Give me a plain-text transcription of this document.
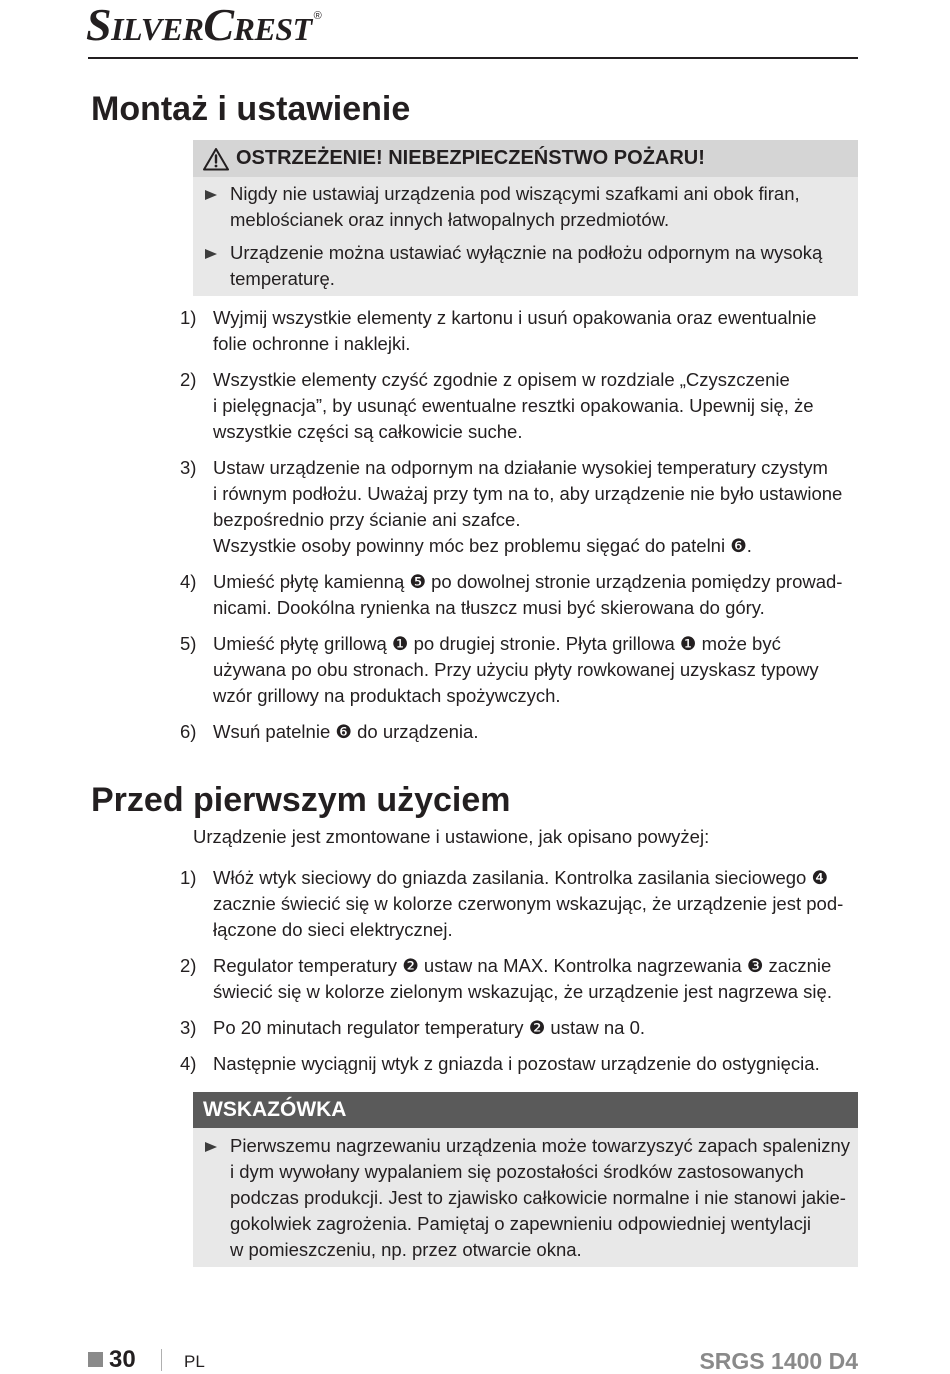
SilverCrest ®
Montaż i ustawienie
OSTRZEŻENIE! NIEBEZPIECZEŃSTWO POŻARU!
Nigdy nie ustawiaj urządzenia pod wiszącymi szafkami ani obok firan,
meblościanek oraz innych łatwopalnych przedmiotów.
Urządzenie można ustawiać wyłącznie na podłożu odpornym na wysoką
temperaturę.
1) Wyjmij wszystkie elementy z kartonu i usuń opakowania oraz ewentualnie
folie ochronne i naklejki.
2) Wszystkie elementy czyść zgodnie z opisem w rozdziale „Czyszczenie
i pielęgnacja”, by usunąć ewentualne resztki opakowania. Upewnij się, że
wszystkie części są całkowicie suche.
3) Ustaw urządzenie na odpornym na działanie wysokiej temperatury czystym
i równym podłożu. Uważaj przy tym na to, aby urządzenie nie było ustawione
bezpośrednio przy ścianie ani szafce.
Wszystkie osoby powinny móc bez problemu sięgać do patelni ❻.
4) Umieść płytę kamienną ❺ po dowolnej stronie urządzenia pomiędzy prowad-
nicami. Dookólna rynienka na tłuszcz musi być skierowana do góry.
5) Umieść płytę grillową ❶ po drugiej stronie. Płyta grillowa ❶ może być
używana po obu stronach. Przy użyciu płyty rowkowanej uzyskasz typowy
wzór grillowy na produktach spożywczych.
6) Wsuń patelnie ❻ do urządzenia.
Przed pierwszym użyciem
Urządzenie jest zmontowane i ustawione, jak opisano powyżej:
1) Włóż wtyk sieciowy do gniazda zasilania. Kontrolka zasilania sieciowego ❹
zacznie świecić się w kolorze czerwonym wskazując, że urządzenie jest pod-
łączone do sieci elektrycznej.
2) Regulator temperatury ❷ ustaw na MAX. Kontrolka nagrzewania ❸ zacznie
świecić się w kolorze zielonym wskazując, że urządzenie jest nagrzewa się.
3) Po 20 minutach regulator temperatury ❷ ustaw na 0.
4) Następnie wyciągnij wtyk z gniazda i pozostaw urządzenie do ostygnięcia.
WSKAZÓWKA
Pierwszemu nagrzewaniu urządzenia może towarzyszyć zapach spalenizny
i dym wywołany wypalaniem się pozostałości środków zastosowanych
podczas produkcji. Jest to zjawisko całkowicie normalne i nie stanowi jakie-
gokolwiek zagrożenia. Pamiętaj o zapewnieniu odpowiedniej wentylacji
w pomieszczeniu, np. przez otwarcie okna.
30	PL	SRGS 1400 D4
